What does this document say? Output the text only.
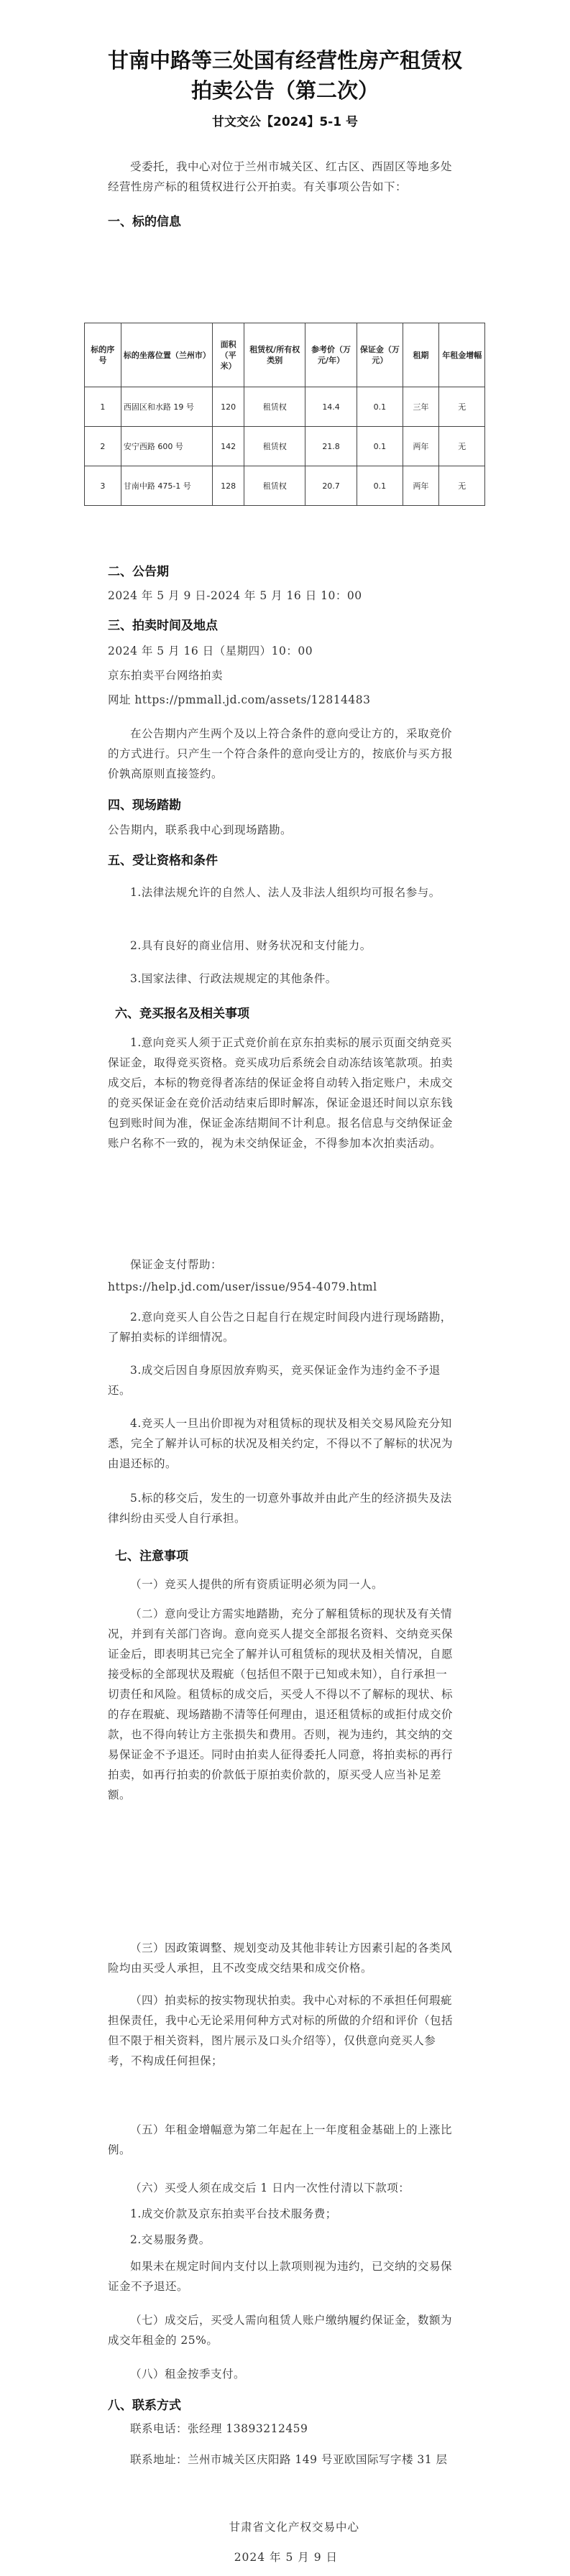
甘南中路等三处国有经营性房产租赁权
拍卖公告（第二次）
甘文交公【2024】5-1 号

受委托，我中心对位于兰州市城关区、红古区、西固区等地多处经营性房产标的租赁权进行公开拍卖。有关事项公告如下：

一、标的信息

标的序号	标的坐落位置（兰州市）	面积（平米）	租赁权/所有权类别	参考价（万元/年）	保证金（万元）	租期	年租金增幅
1	西固区和水路 19 号	120	租赁权	14.4	0.1	三年	无
2	安宁西路 600 号	142	租赁权	21.8	0.1	两年	无
3	甘南中路 475-1 号	128	租赁权	20.7	0.1	两年	无

二、公告期

2024 年 5 月 9 日-2024 年 5 月 16 日 10：00

三、拍卖时间及地点

2024 年 5 月 16 日（星期四）10：00

京东拍卖平台网络拍卖

网址 https://pmmall.jd.com/assets/12814483

在公告期内产生两个及以上符合条件的意向受让方的，采取竞价的方式进行。只产生一个符合条件的意向受让方的，按底价与买方报价孰高原则直接签约。

四、现场踏勘

公告期内，联系我中心到现场踏勘。

五、受让资格和条件

1.法律法规允许的自然人、法人及非法人组织均可报名参与。

2.具有良好的商业信用、财务状况和支付能力。

3.国家法律、行政法规规定的其他条件。

六、竞买报名及相关事项

1.意向竞买人须于正式竞价前在京东拍卖标的展示页面交纳竞买保证金，取得竞买资格。竞买成功后系统会自动冻结该笔款项。拍卖成交后，本标的物竞得者冻结的保证金将自动转入指定账户，未成交的竞买保证金在竞价活动结束后即时解冻，保证金退还时间以京东钱包到账时间为准，保证金冻结期间不计利息。报名信息与交纳保证金账户名称不一致的，视为未交纳保证金，不得参加本次拍卖活动。

保证金支付帮助：

https://help.jd.com/user/issue/954-4079.html

2.意向竞买人自公告之日起自行在规定时间段内进行现场踏勘，了解拍卖标的详细情况。

3.成交后因自身原因放弃购买，竞买保证金作为违约金不予退还。

4.竞买人一旦出价即视为对租赁标的现状及相关交易风险充分知悉，完全了解并认可标的状况及相关约定，不得以不了解标的状况为由退还标的。

5.标的移交后，发生的一切意外事故并由此产生的经济损失及法律纠纷由买受人自行承担。

七、注意事项

（一）竞买人提供的所有资质证明必须为同一人。

（二）意向受让方需实地踏勘，充分了解租赁标的现状及有关情况，并到有关部门咨询。意向竞买人提交全部报名资料、交纳竞买保证金后，即表明其已完全了解并认可租赁标的现状及相关情况，自愿接受标的全部现状及瑕疵（包括但不限于已知或未知），自行承担一切责任和风险。租赁标的成交后，买受人不得以不了解标的现状、标的存在瑕疵、现场踏勘不清等任何理由，退还租赁标的或拒付成交价款，也不得向转让方主张损失和费用。否则，视为违约，其交纳的交易保证金不予退还。同时由拍卖人征得委托人同意，将拍卖标的再行拍卖，如再行拍卖的价款低于原拍卖价款的，原买受人应当补足差额。

（三）因政策调整、规划变动及其他非转让方因素引起的各类风险均由买受人承担，且不改变成交结果和成交价格。

（四）拍卖标的按实物现状拍卖。我中心对标的不承担任何瑕疵担保责任，我中心无论采用何种方式对标的所做的介绍和评价（包括但不限于相关资料，图片展示及口头介绍等），仅供意向竞买人参考，不构成任何担保；

（五）年租金增幅意为第二年起在上一年度租金基础上的上涨比例。

（六）买受人须在成交后 1 日内一次性付清以下款项：

1.成交价款及京东拍卖平台技术服务费；

2.交易服务费。

如果未在规定时间内支付以上款项则视为违约，已交纳的交易保证金不予退还。

（七）成交后，买受人需向租赁人账户缴纳履约保证金，数额为成交年租金的 25%。

（八）租金按季支付。

八、联系方式

联系电话：张经理 13893212459

联系地址：兰州市城关区庆阳路 149 号亚欧国际写字楼 31 层

甘肃省文化产权交易中心
2024 年 5 月 9 日
